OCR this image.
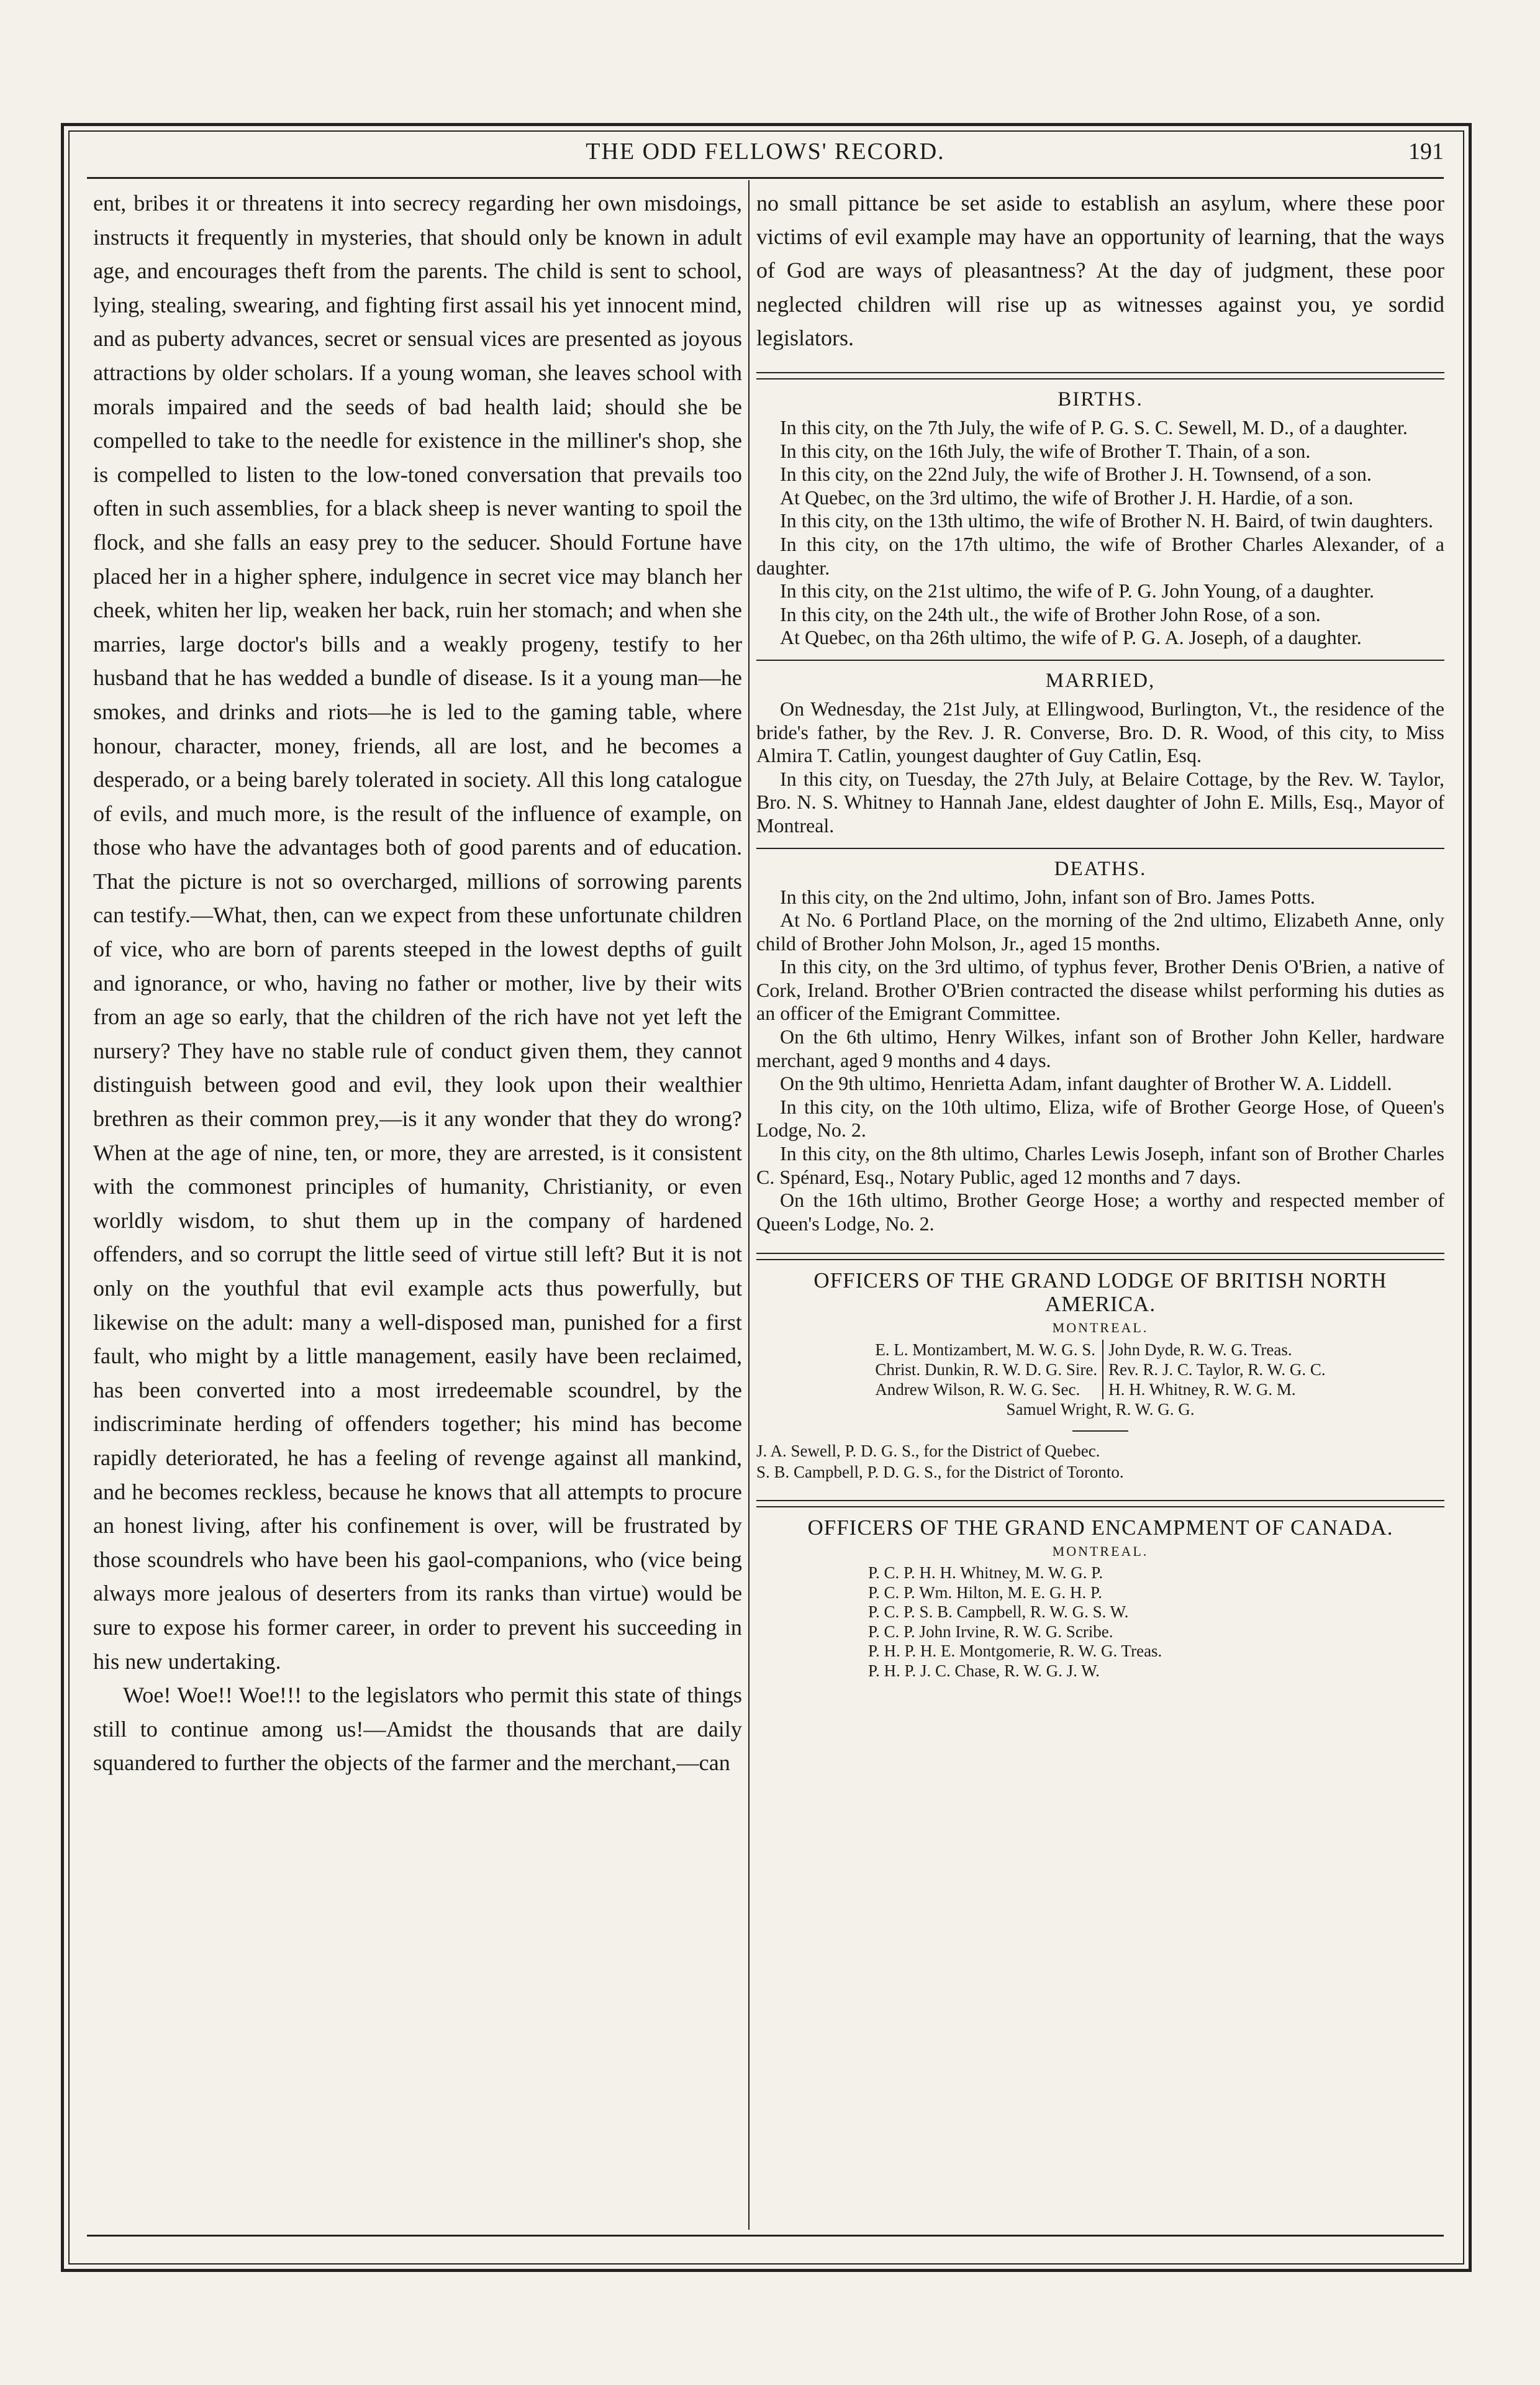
THE ODD FELLOWS' RECORD.	191

ent, bribes it or threatens it into secrecy regarding her own misdoings, instructs it frequently in mysteries, that should only be known in adult age, and encourages theft from the parents. The child is sent to school, lying, stealing, swearing, and fighting first assail his yet innocent mind, and as puberty advances, secret or sensual vices are presented as joyous attractions by older scholars. If a young woman, she leaves school with morals impaired and the seeds of bad health laid; should she be compelled to take to the needle for existence in the milliner's shop, she is compelled to listen to the low-toned conversation that prevails too often in such assemblies, for a black sheep is never wanting to spoil the flock, and she falls an easy prey to the seducer. Should Fortune have placed her in a higher sphere, indulgence in secret vice may blanch her cheek, whiten her lip, weaken her back, ruin her stomach; and when she marries, large doctor's bills and a weakly progeny, testify to her husband that he has wedded a bundle of disease. Is it a young man—he smokes, and drinks and riots—he is led to the gaming table, where honour, character, money, friends, all are lost, and he becomes a desperado, or a being barely tolerated in society. All this long catalogue of evils, and much more, is the result of the influence of example, on those who have the advantages both of good parents and of education. That the picture is not so overcharged, millions of sorrowing parents can testify.—What, then, can we expect from these unfortunate children of vice, who are born of parents steeped in the lowest depths of guilt and ignorance, or who, having no father or mother, live by their wits from an age so early, that the children of the rich have not yet left the nursery? They have no stable rule of conduct given them, they cannot distinguish between good and evil, they look upon their wealthier brethren as their common prey,—is it any wonder that they do wrong? When at the age of nine, ten, or more, they are arrested, is it consistent with the commonest principles of humanity, Christianity, or even worldly wisdom, to shut them up in the company of hardened offenders, and so corrupt the little seed of virtue still left? But it is not only on the youthful that evil example acts thus powerfully, but likewise on the adult: many a well-disposed man, punished for a first fault, who might by a little management, easily have been reclaimed, has been converted into a most irredeemable scoundrel, by the indiscriminate herding of offenders together; his mind has become rapidly deteriorated, he has a feeling of revenge against all mankind, and he becomes reckless, because he knows that all attempts to procure an honest living, after his confinement is over, will be frustrated by those scoundrels who have been his gaol-companions, who (vice being always more jealous of deserters from its ranks than virtue) would be sure to expose his former career, in order to prevent his succeeding in his new undertaking.

Woe! Woe!! Woe!!! to the legislators who permit this state of things still to continue among us!—Amidst the thousands that are daily squandered to further the objects of the farmer and the merchant,—can

no small pittance be set aside to establish an asylum, where these poor victims of evil example may have an opportunity of learning, that the ways of God are ways of pleasantness? At the day of judgment, these poor neglected children will rise up as witnesses against you, ye sordid legislators.

BIRTHS.

In this city, on the 7th July, the wife of P. G. S. C. Sewell, M. D., of a daughter.

In this city, on the 16th July, the wife of Brother T. Thain, of a son.

In this city, on the 22nd July, the wife of Brother J. H. Townsend, of a son.

At Quebec, on the 3rd ultimo, the wife of Brother J. H. Hardie, of a son.

In this city, on the 13th ultimo, the wife of Brother N. H. Baird, of twin daughters.

In this city, on the 17th ultimo, the wife of Brother Charles Alexander, of a daughter.

In this city, on the 21st ultimo, the wife of P. G. John Young, of a daughter.

In this city, on the 24th ult., the wife of Brother John Rose, of a son.

At Quebec, on tha 26th ultimo, the wife of P. G. A. Joseph, of a daughter.

MARRIED,

On Wednesday, the 21st July, at Ellingwood, Burlington, Vt., the residence of the bride's father, by the Rev. J. R. Converse, Bro. D. R. Wood, of this city, to Miss Almira T. Catlin, youngest daughter of Guy Catlin, Esq.

In this city, on Tuesday, the 27th July, at Belaire Cottage, by the Rev. W. Taylor, Bro. N. S. Whitney to Hannah Jane, eldest daughter of John E. Mills, Esq., Mayor of Montreal.

DEATHS.

In this city, on the 2nd ultimo, John, infant son of Bro. James Potts.

At No. 6 Portland Place, on the morning of the 2nd ultimo, Elizabeth Anne, only child of Brother John Molson, Jr., aged 15 months.

In this city, on the 3rd ultimo, of typhus fever, Brother Denis O'Brien, a native of Cork, Ireland. Brother O'Brien contracted the disease whilst performing his duties as an officer of the Emigrant Committee.

On the 6th ultimo, Henry Wilkes, infant son of Brother John Keller, hardware merchant, aged 9 months and 4 days.

On the 9th ultimo, Henrietta Adam, infant daughter of Brother W. A. Liddell.

In this city, on the 10th ultimo, Eliza, wife of Brother George Hose, of Queen's Lodge, No. 2.

In this city, on the 8th ultimo, Charles Lewis Joseph, infant son of Brother Charles C. Spénard, Esq., Notary Public, aged 12 months and 7 days.

On the 16th ultimo, Brother George Hose; a worthy and respected member of Queen's Lodge, No. 2.

OFFICERS OF THE GRAND LODGE OF BRITISH NORTH AMERICA.
MONTREAL.
E. L. Montizambert, M. W. G. S.
Christ. Dunkin, R. W. D. G. Sire.
Andrew Wilson, R. W. G. Sec.
John Dyde, R. W. G. Treas.
Rev. R. J. C. Taylor, R. W. G. C.
H. H. Whitney, R. W. G. M.
Samuel Wright, R. W. G. G.
J. A. Sewell, P. D. G. S., for the District of Quebec.
S. B. Campbell, P. D. G. S., for the District of Toronto.
OFFICERS OF THE GRAND ENCAMPMENT OF CANADA.
MONTREAL.
P. C. P. H. H. Whitney, M. W. G. P.
P. C. P. Wm. Hilton, M. E. G. H. P.
P. C. P. S. B. Campbell, R. W. G. S. W.
P. C. P. John Irvine, R. W. G. Scribe.
P. H. P. H. E. Montgomerie, R. W. G. Treas.
P. H. P. J. C. Chase, R. W. G. J. W.
